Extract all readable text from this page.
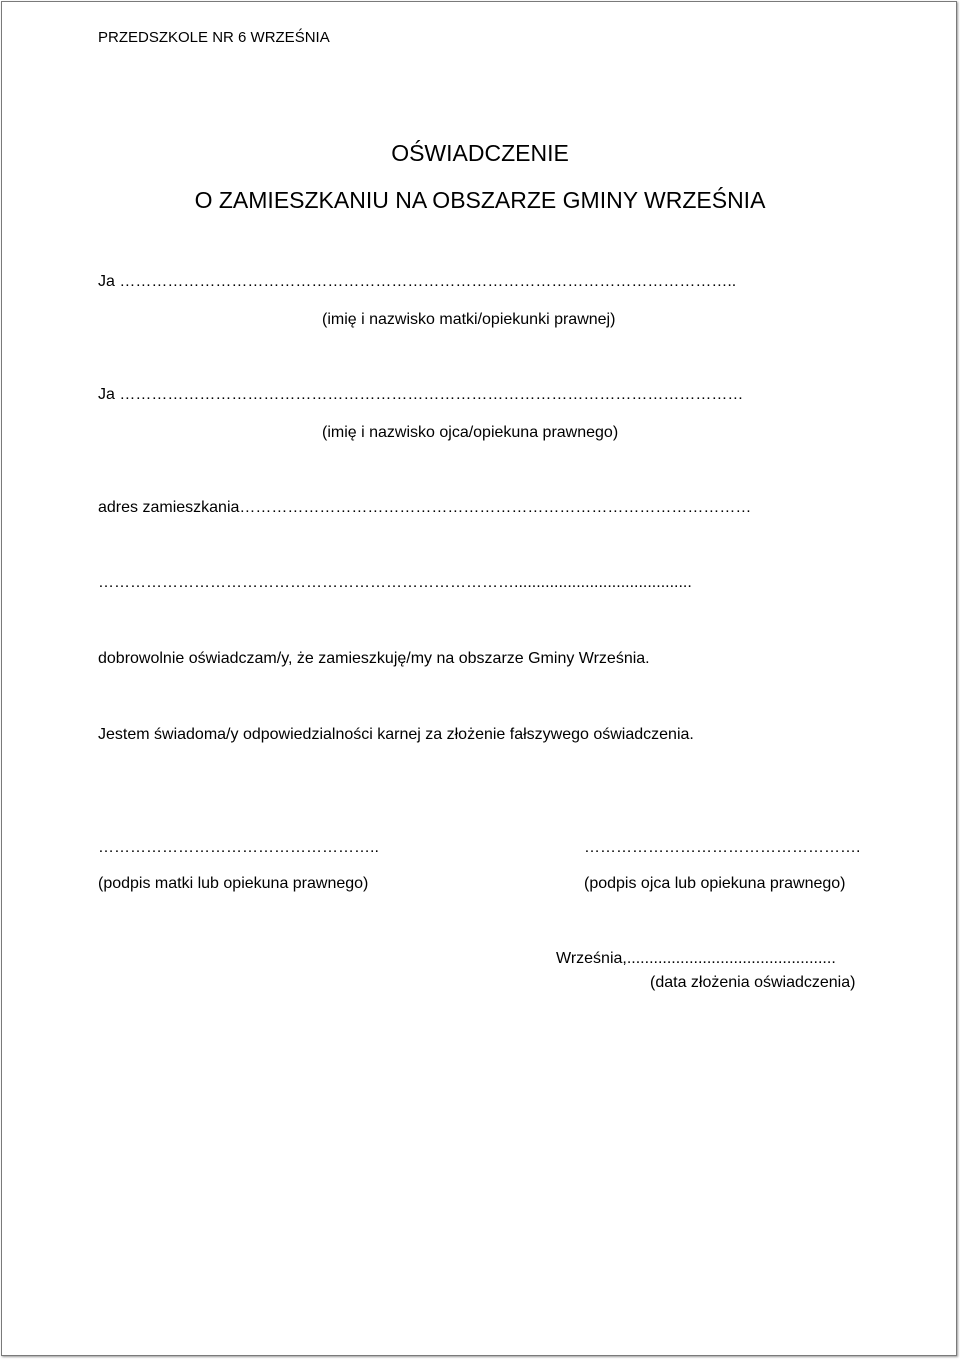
PRZEDSZKOLE NR 6 WRZEŚNIA
OŚWIADCZENIE
O ZAMIESZKANIU NA OBSZARZE GMINY WRZEŚNIA
Ja ……………………………………………………………………………………………………..
(imię i nazwisko matki/opiekunki prawnej)
Ja ………………………………………………………………………………………………………
(imię i nazwisko ojca/opiekuna prawnego)
adres zamieszkania……………………………………………………………………………………
……………………………………………………………………........................................
dobrowolnie oświadczam/y, że zamieszkuję/my na obszarze Gminy Września.
Jestem świadoma/y odpowiedzialności karnej za złożenie fałszywego oświadczenia.
……………………………………………..
(podpis matki lub opiekuna prawnego)
…………………………………………….
(podpis ojca lub opiekuna prawnego)
Września,...............................................
(data złożenia oświadczenia)
